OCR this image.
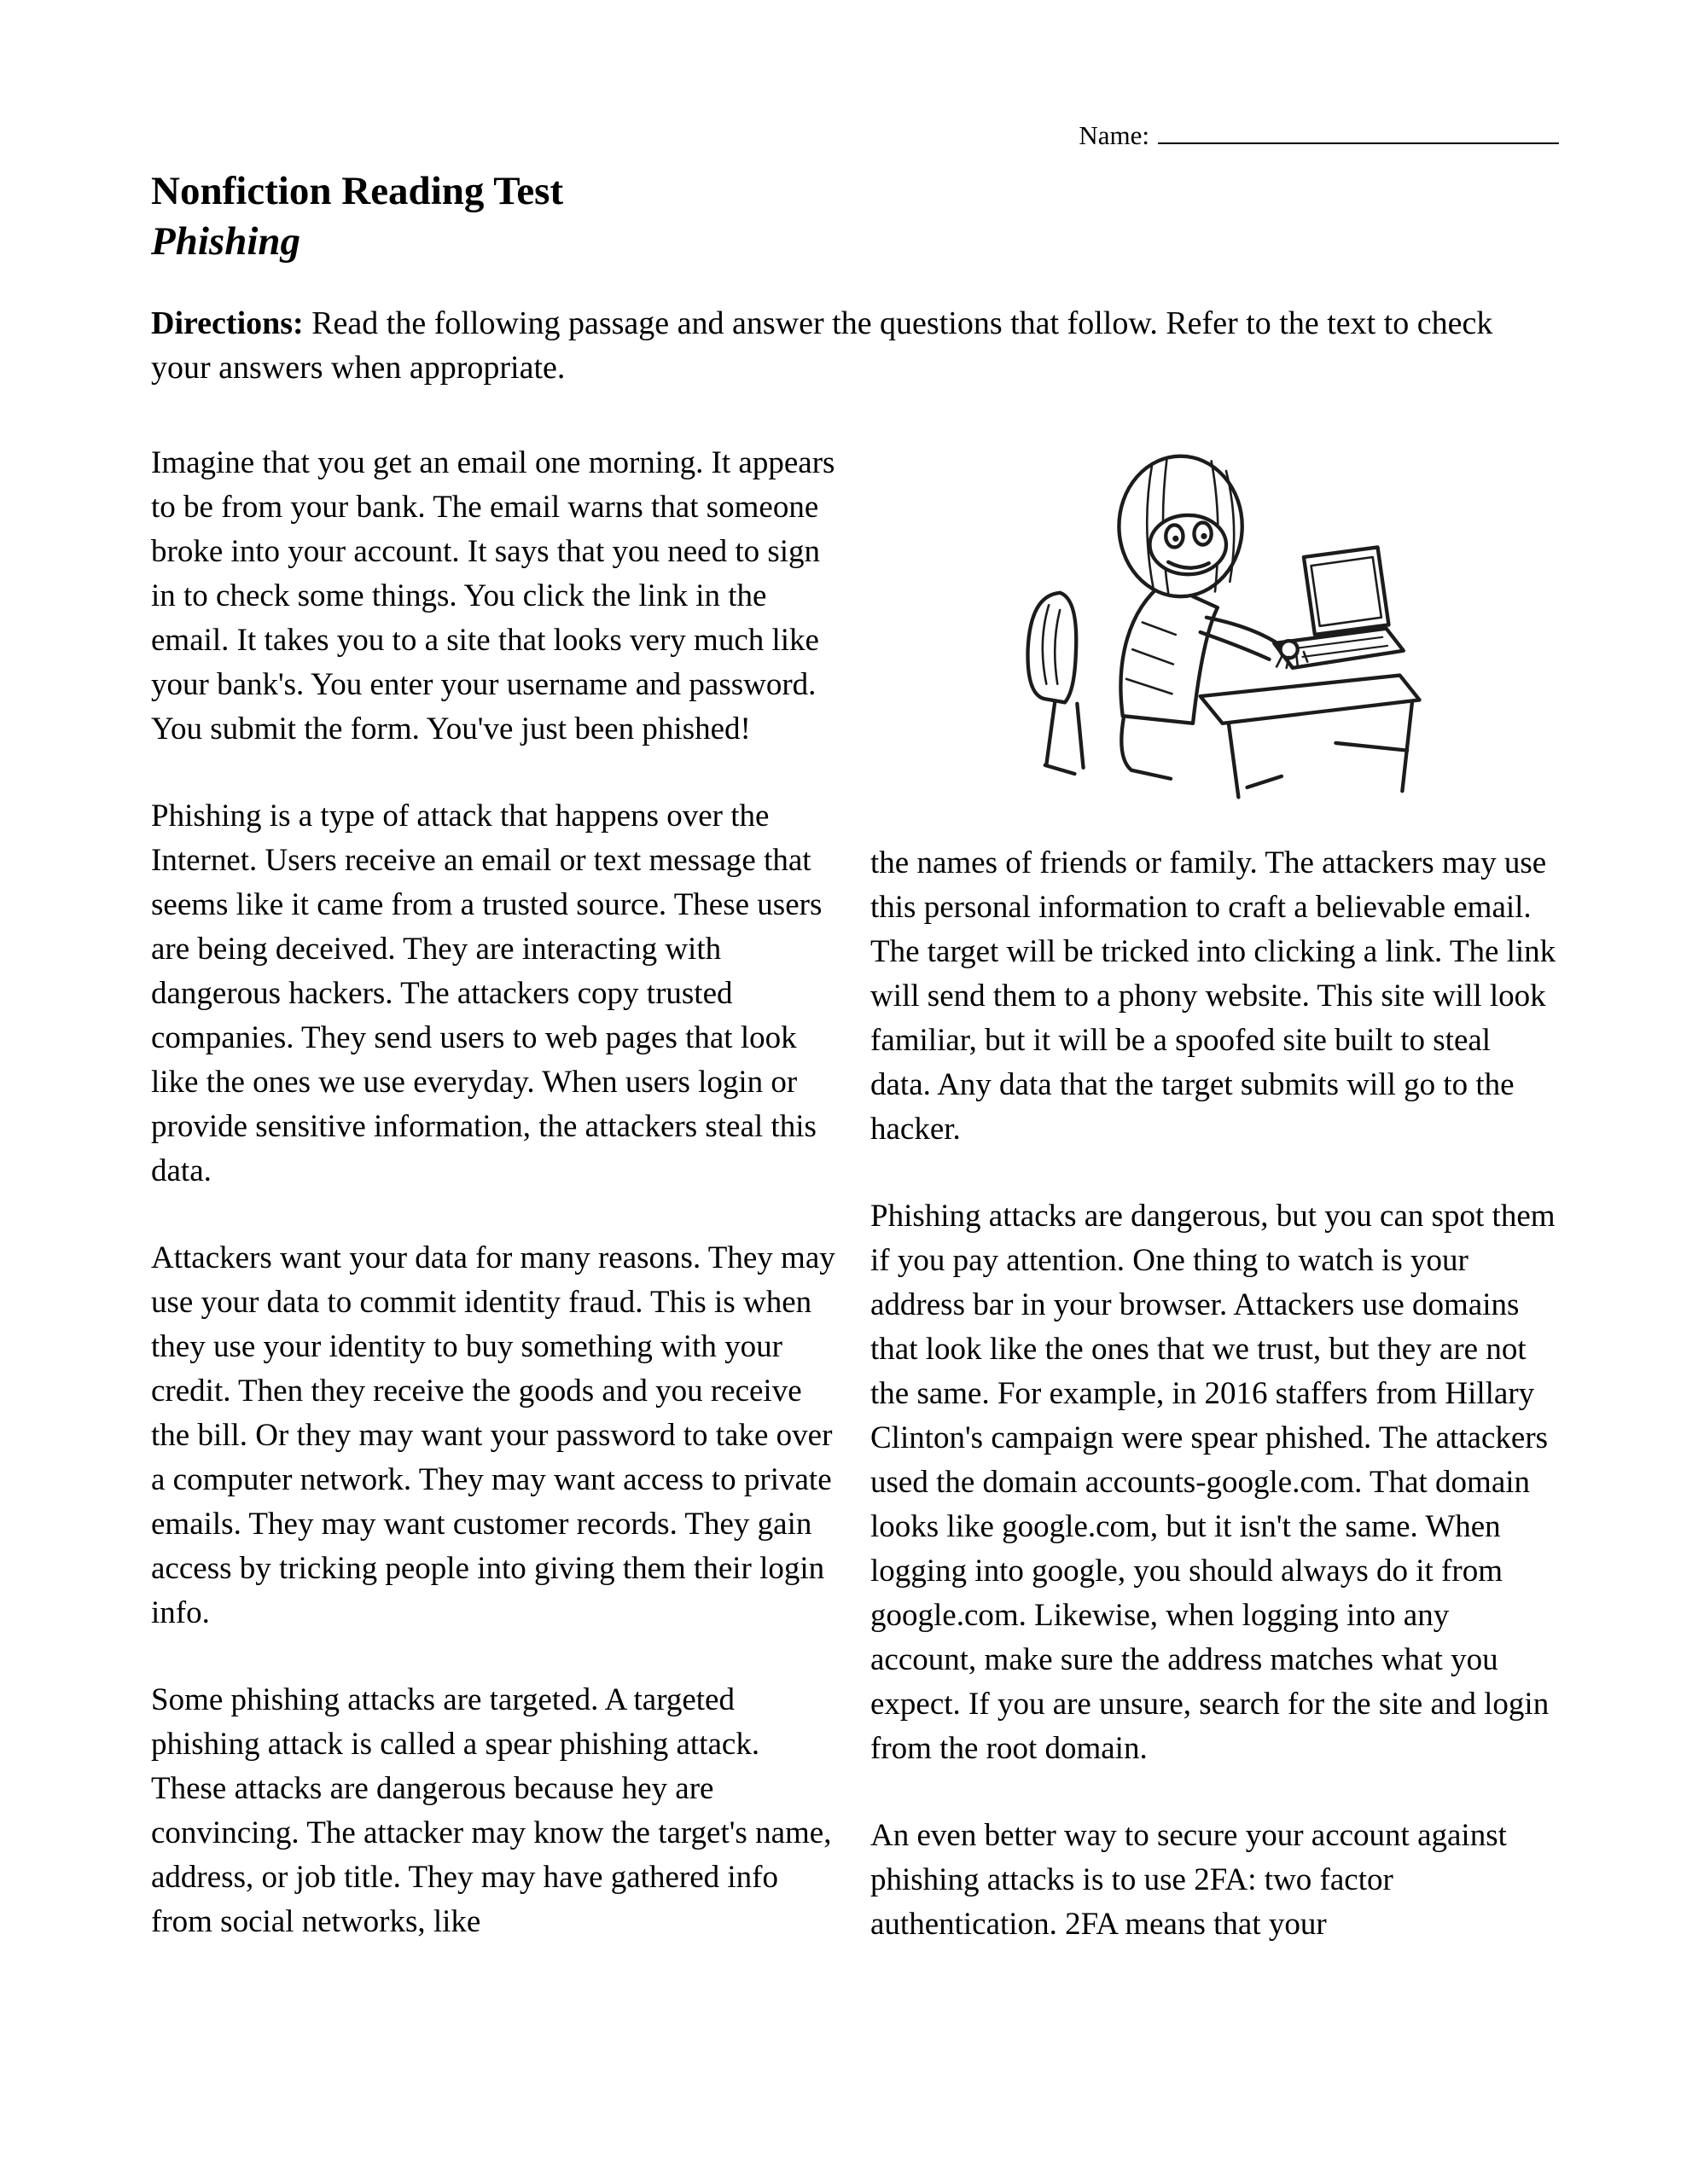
Name:
Nonfiction Reading Test
Phishing
Directions: Read the following passage and answer the questions that follow. Refer to the text to check your answers when appropriate.

Imagine that you get an email one morning. It appears to be from your bank. The email warns that someone broke into your account. It says that you need to sign in to check some things. You click the link in the email. It takes you to a site that looks very much like your bank's. You enter your username and password. You submit the form. You've just been phished!

Phishing is a type of attack that happens over the Internet. Users receive an email or text message that seems like it came from a trusted source. These users are being deceived. They are interacting with dangerous hackers. The attackers copy trusted companies. They send users to web pages that look like the ones we use everyday. When users login or provide sensitive information, the attackers steal this data.

Attackers want your data for many reasons. They may use your data to commit identity fraud. This is when they use your identity to buy something with your credit. Then they receive the goods and you receive the bill. Or they may want your password to take over a computer network. They may want access to private emails. They may want customer records. They gain access by tricking people into giving them their login info.

Some phishing attacks are targeted. A targeted phishing attack is called a spear phishing attack. These attacks are dangerous because hey are convincing. The attacker may know the target's name, address, or job title. They may have gathered info from social networks, like

the names of friends or family. The attackers may use this personal information to craft a believable email. The target will be tricked into clicking a link. The link will send them to a phony website. This site will look familiar, but it will be a spoofed site built to steal data. Any data that the target submits will go to the hacker.

Phishing attacks are dangerous, but you can spot them if you pay attention. One thing to watch is your address bar in your browser. Attackers use domains that look like the ones that we trust, but they are not the same. For example, in 2016 staffers from Hillary Clinton's campaign were spear phished. The attackers used the domain accounts-google.com. That domain looks like google.com, but it isn't the same. When logging into google, you should always do it from google.com. Likewise, when logging into any account, make sure the address matches what you expect. If you are unsure, search for the site and login from the root domain.

An even better way to secure your account against phishing attacks is to use 2FA: two factor authentication. 2FA means that your
